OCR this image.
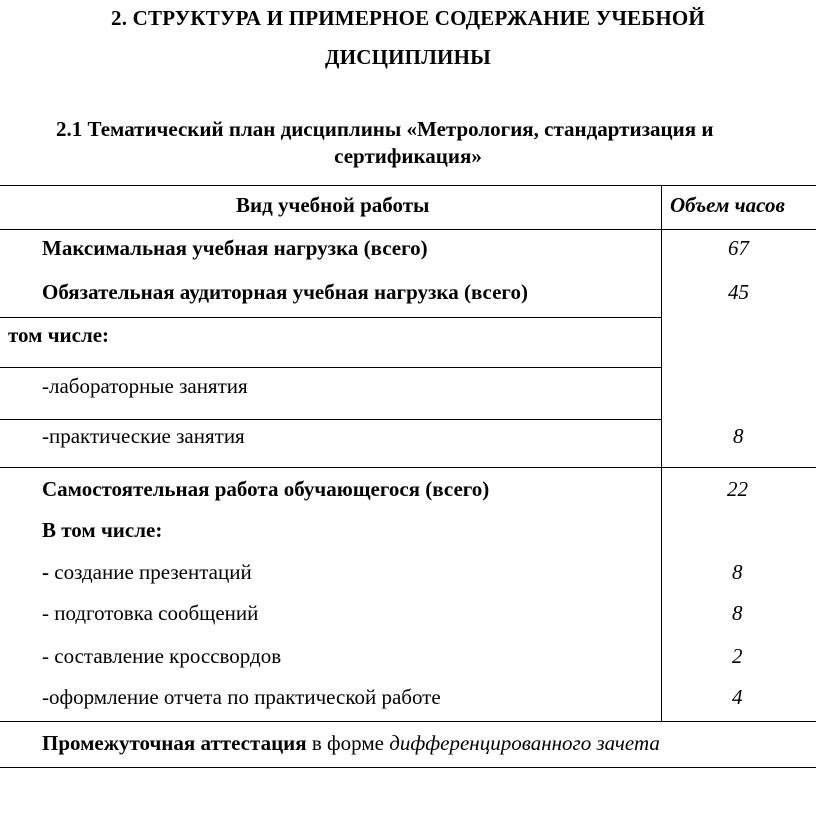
2. СТРУКТУРА И ПРИМЕРНОЕ СОДЕРЖАНИЕ УЧЕБНОЙ
ДИСЦИПЛИНЫ
2.1 Тематический план дисциплины «Метрология, стандартизация и
сертификация»
Вид учебной работы	Объем часов
Максимальная учебная нагрузка (всего)	67
Обязательная аудиторная учебная нагрузка (всего)	45
том числе:
-лабораторные занятия
-практические занятия	8
Самостоятельная работа обучающегося (всего)	22
В том числе:
- создание презентаций	8
- подготовка сообщений	8
- составление кроссвордов	2
-оформление отчета по практической работе	4
Промежуточная аттестация в форме дифференцированного зачета
